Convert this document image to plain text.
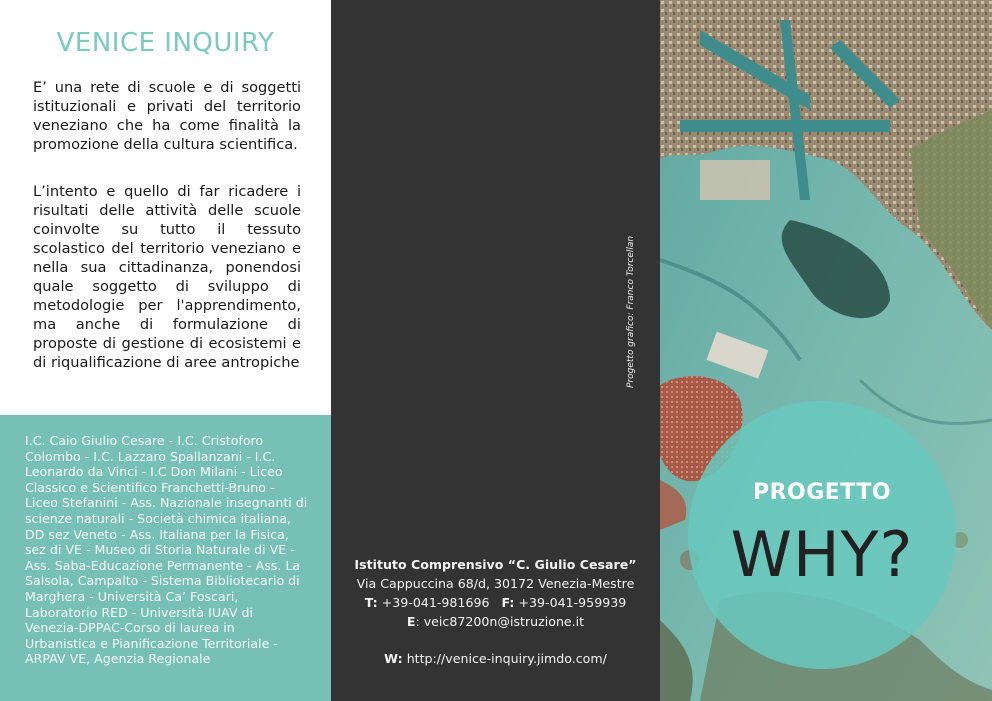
VENICE INQUIRY
E’ una rete di scuole e di soggetti istituzionali e privati del territorio veneziano che ha come finalità la promozione della cultura scientifica.
L’intento e quello di far ricadere i risultati delle attività delle scuole coinvolte su tutto il tessuto scolastico del territorio veneziano e nella sua cittadinanza, ponendosi quale soggetto di sviluppo di metodologie per l'apprendimento, ma anche di formulazione di proposte di gestione di ecosistemi e di riqualificazione di aree antropiche

I.C. Caio Giulio Cesare - I.C. Cristoforo Colombo - I.C. Lazzaro Spallanzani - I.C. Leonardo da Vinci - I.C Don Milani - Liceo Classico e Scientifico Franchetti-Bruno - Liceo Stefanini - Ass. Nazionale insegnanti di scienze naturali - Società chimica italiana, DD sez Veneto - Ass. Italiana per la Fisica, sez di VE - Museo di Storia Naturale di VE - Ass. Saba-Educazione Permanente - Ass. La Salsola, Campalto - Sistema Bibliotecario di Marghera - Università Ca’ Foscari, Laboratorio RED - Università IUAV di Venezia-DPPAC-Corso di laurea in Urbanistica e Pianificazione Territoriale - ARPAV VE, Agenzia Regionale

Progetto grafico: Franco Torcellan
Istituto Comprensivo “C. Giulio Cesare”
Via Cappuccina 68/d, 30172 Venezia-Mestre
T: +39-041-981696 F: +39-041-959939
E: veic87200n@istruzione.it
W: http://venice-inquiry.jimdo.com/
PROGETTO
WHY?
